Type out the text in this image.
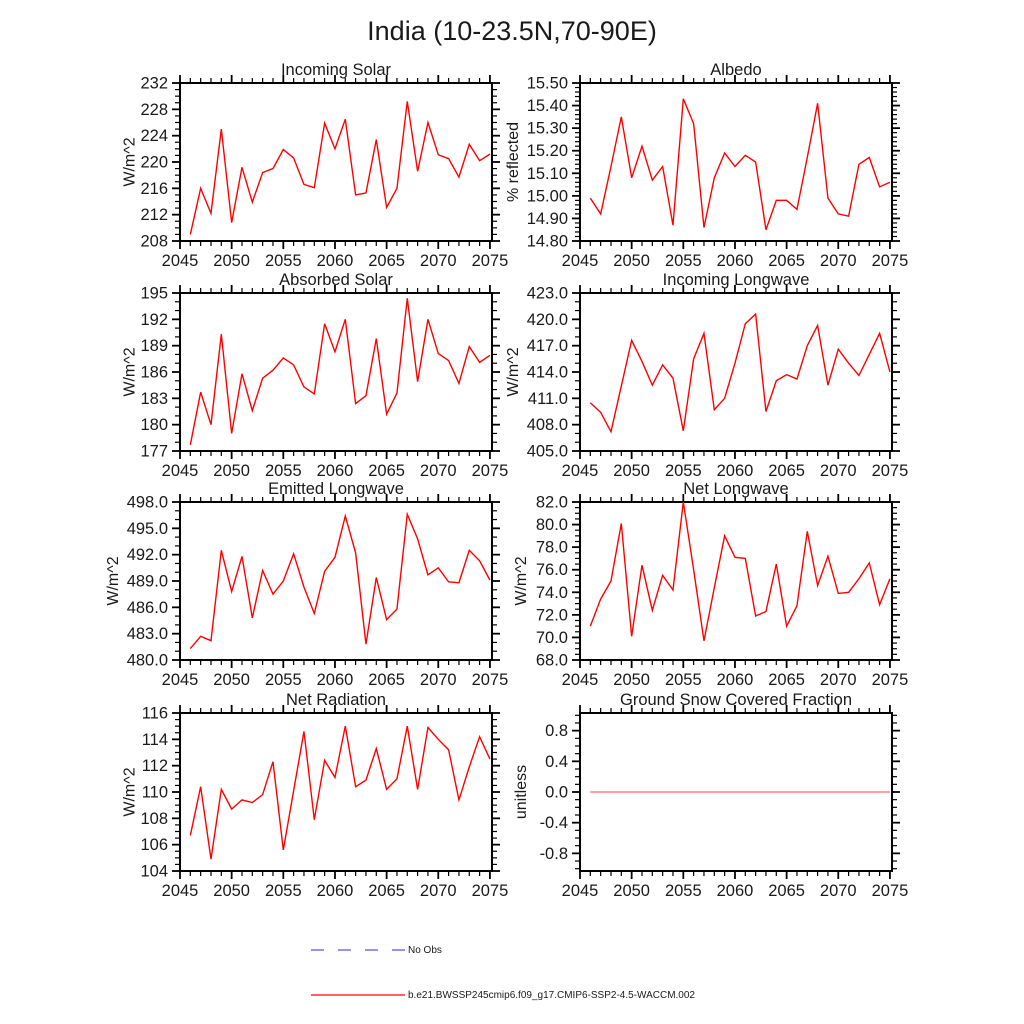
India (10-23.5N,70-90E)
2045 2050 2055 2060 2065 2070 2075
208
212
216
220
224
228
232
Incoming Solar
W/m^2
2045 2050 2055 2060 2065 2070 2075
14.80
14.90
15.00
15.10
15.20
15.30
15.40
15.50
Albedo
% reflected
2045 2050 2055 2060 2065 2070 2075
177
180
183
186
189
192
195
Absorbed Solar
W/m^2
2045 2050 2055 2060 2065 2070 2075
405.0
408.0
411.0
414.0
417.0
420.0
423.0
Incoming Longwave
W/m^2
2045 2050 2055 2060 2065 2070 2075
480.0
483.0
486.0
489.0
492.0
495.0
498.0
Emitted Longwave
W/m^2
2045 2050 2055 2060 2065 2070 2075
68.0
70.0
72.0
74.0
76.0
78.0
80.0
82.0
Net Longwave
W/m^2
2045 2050 2055 2060 2065 2070 2075
104
106
108
110
112
114
116
Net Radiation
W/m^2
2045 2050 2055 2060 2065 2070 2075
-0.8
-0.4
0.0
0.4
0.8
Ground Snow Covered Fraction
unitless
No Obs
b.e21.BWSSP245cmip6.f09_g17.CMIP6-SSP2-4.5-WACCM.002
